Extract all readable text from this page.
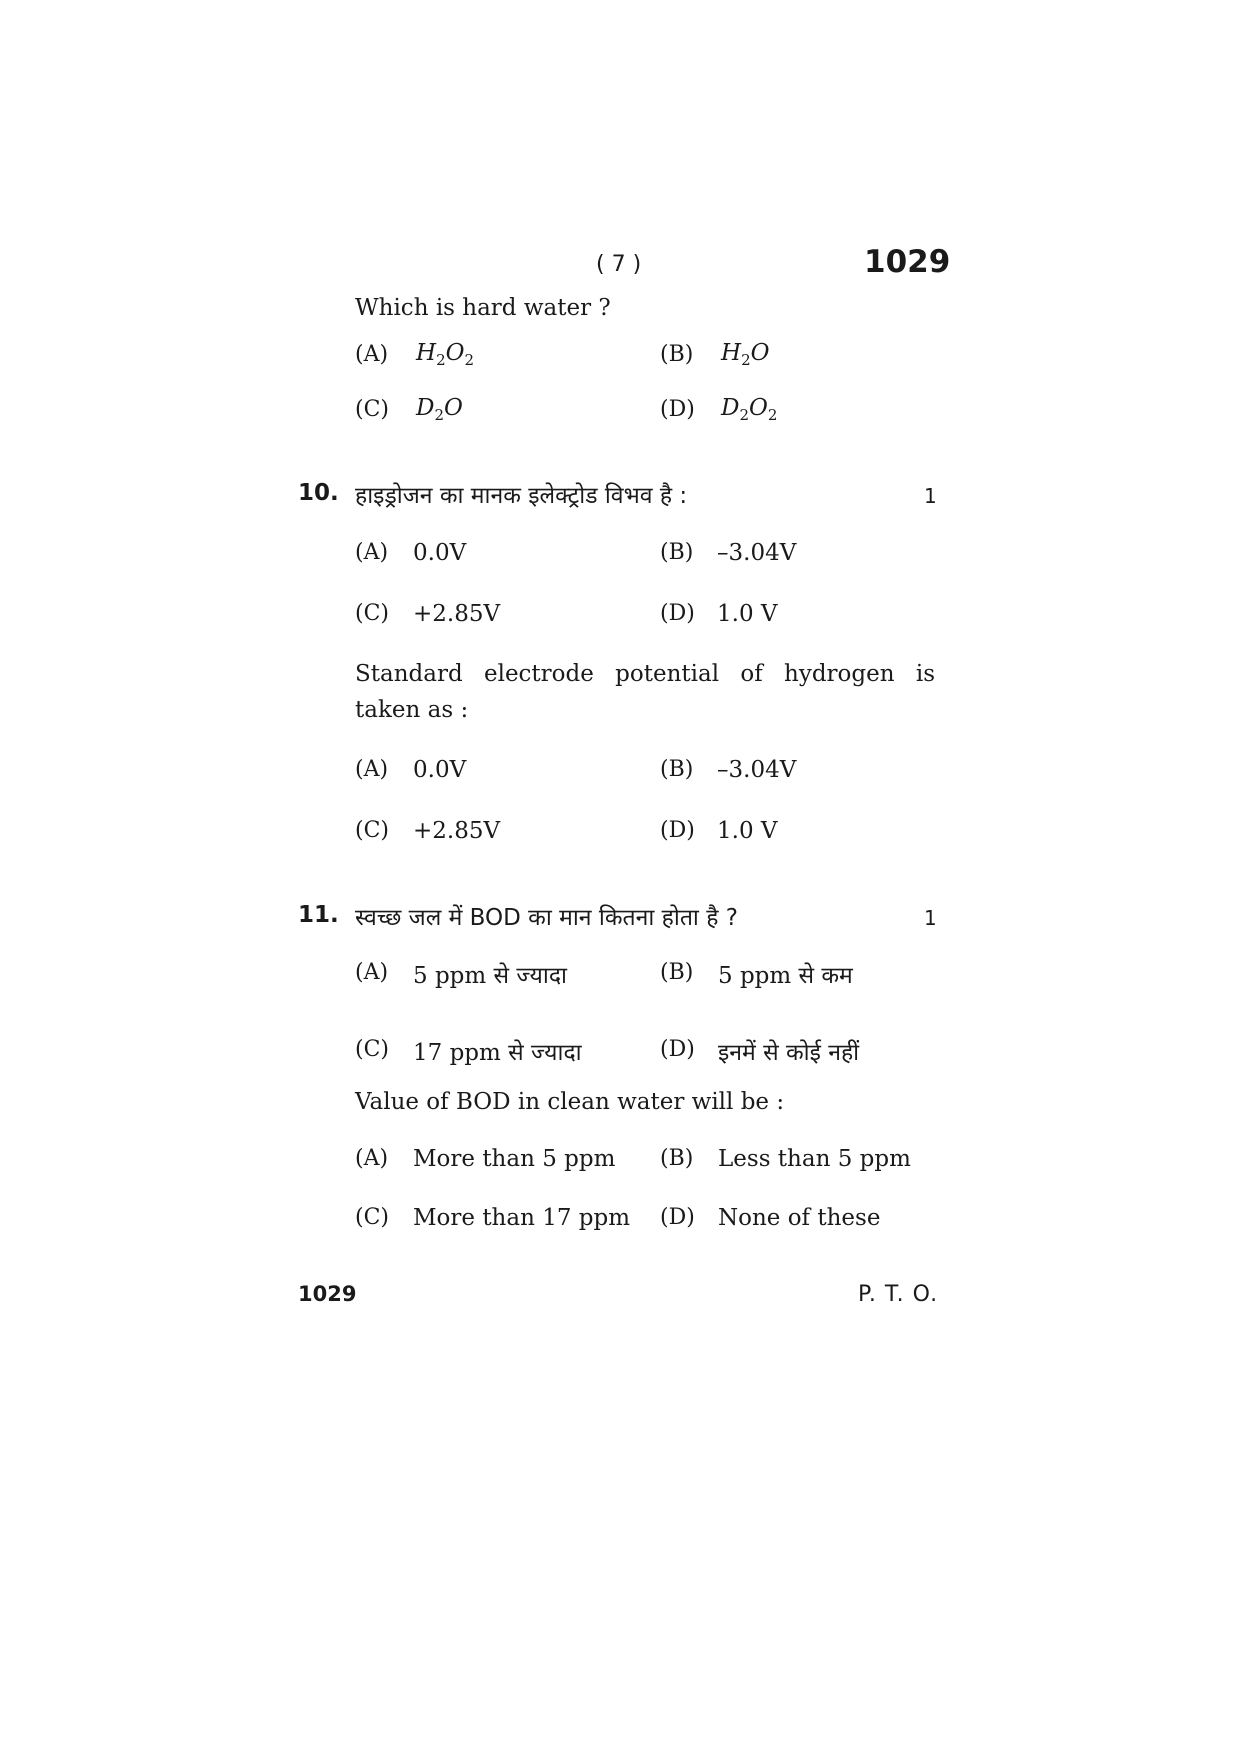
( 7 )	1029
Which is hard water ?
(A) $H_2O_2$	(B) $H_2O$
(C) $D_2O$	(D) $D_2O_2$
10. हाइड्रोजन का मानक इलेक्ट्रोड विभव है :	1
(A) 0.0V	(B) –3.04V
(C) +2.85V	(D) 1.0 V
Standard electrode potential of hydrogen is
taken as :
(A) 0.0V	(B) –3.04V
(C) +2.85V	(D) 1.0 V
11. स्वच्छ जल में BOD का मान कितना होता है ?	1
(A) 5 ppm से ज्यादा	(B) 5 ppm से कम
(C) 17 ppm से ज्यादा	(D) इनमें से कोई नहीं
Value of BOD in clean water will be :
(A) More than 5 ppm (B) Less than 5 ppm
(C) More than 17 ppm (D) None of these
1029	P. T. O.
